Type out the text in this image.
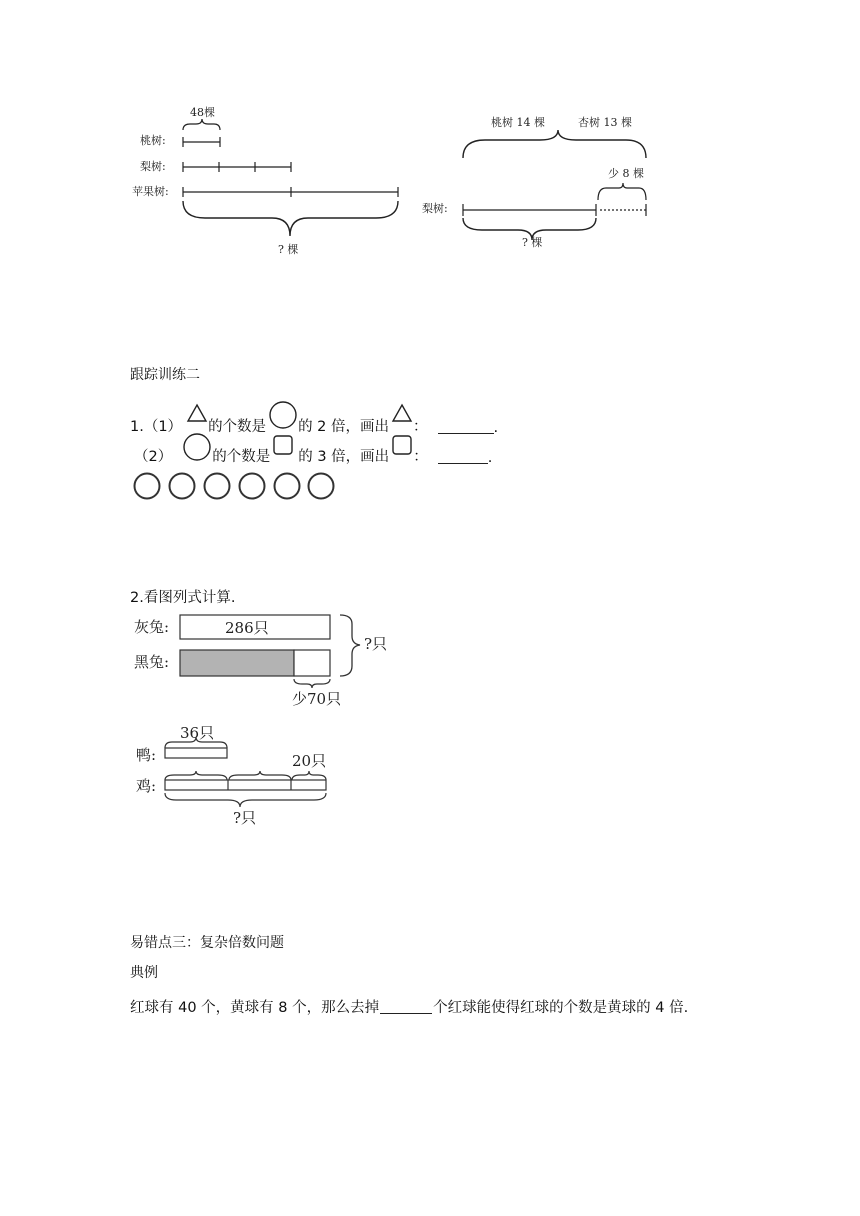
48棵
桃树:
梨树:
苹果树:
? 棵
桃树 14 棵	杏树 13 棵
少 8 棵
梨树:
? 棵
跟踪训练二
1.（1） 的个数是 的 2 倍，画出 ：	.
（2）	的个数是 的 3 倍，画出 ：	.
2.看图列式计算.
灰兔:	286只
黑兔:
?只
少70只
36只
鸭:	20只
鸡:
?只
易错点三：复杂倍数问题
典例
红球有 40 个，黄球有 8 个，那么去掉	个红球能使得红球的个数是黄球的 4 倍.
